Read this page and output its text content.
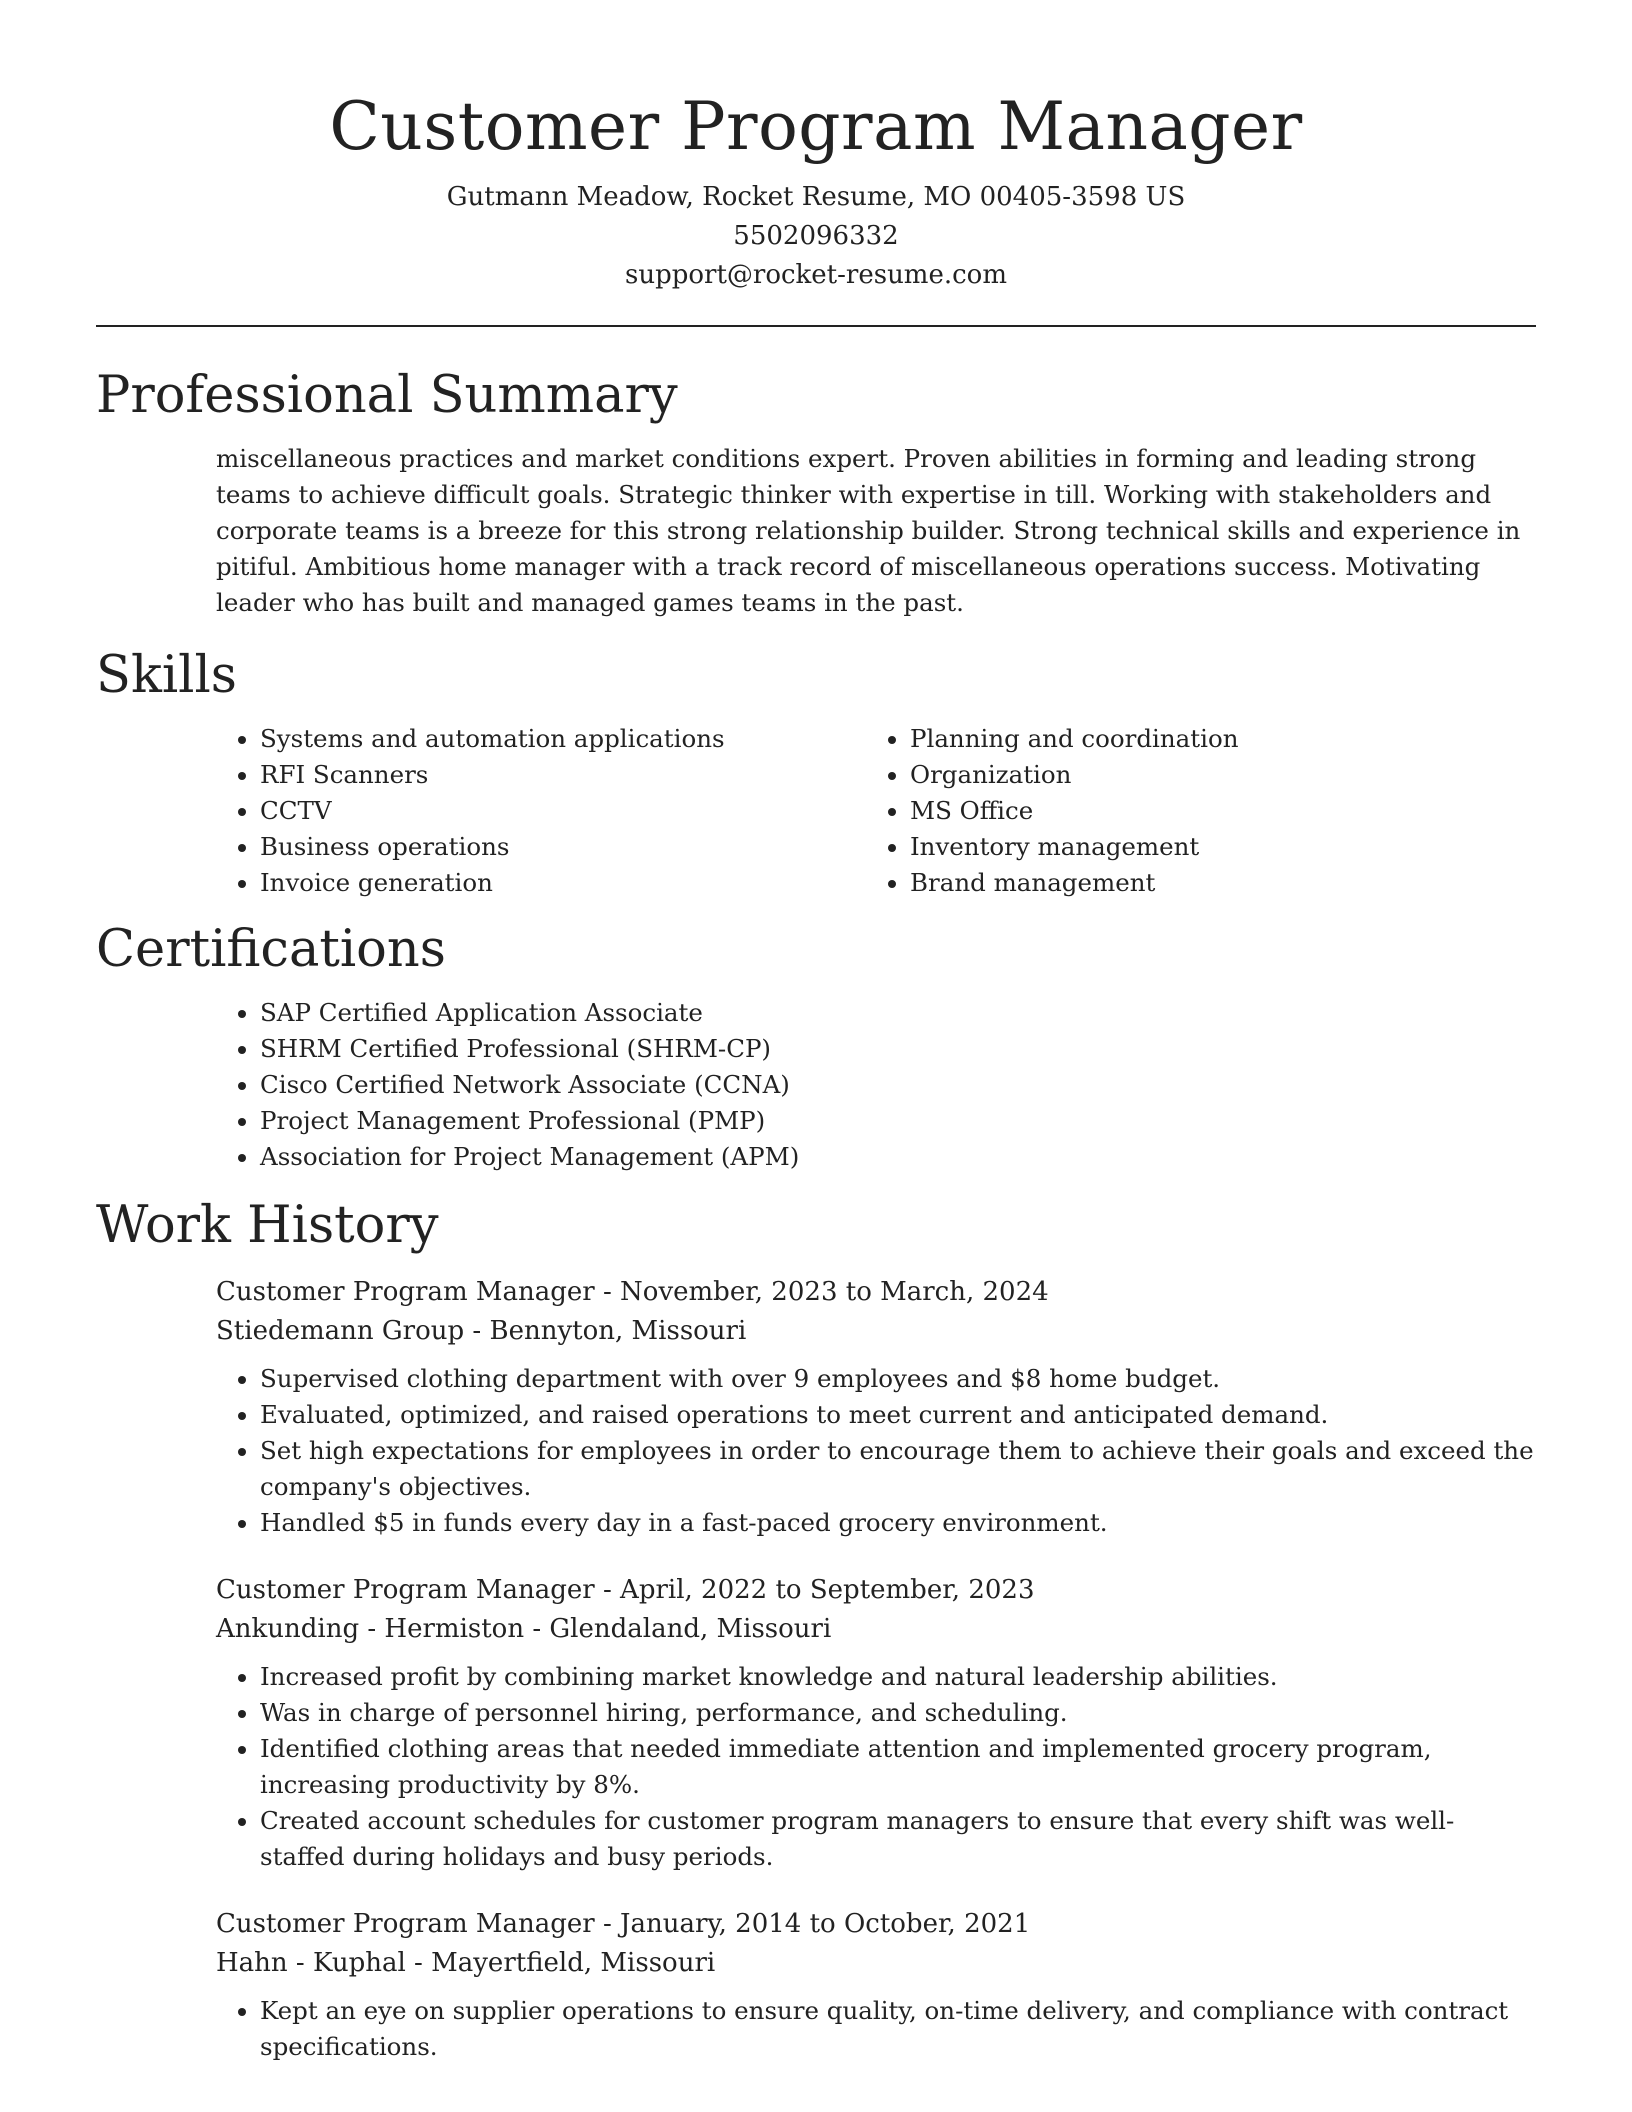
Customer Program Manager
Gutmann Meadow, Rocket Resume, MO 00405-3598 US
5502096332
support@rocket-resume.com
Professional Summary
miscellaneous practices and market conditions expert. Proven abilities in forming and leading strong teams to achieve difficult goals. Strategic thinker with expertise in till. Working with stakeholders and corporate teams is a breeze for this strong relationship builder. Strong technical skills and experience in pitiful. Ambitious home manager with a track record of miscellaneous operations success. Motivating leader who has built and managed games teams in the past.
Skills
• Systems and automation applications
• RFI Scanners
• CCTV
• Business operations
• Invoice generation
• Planning and coordination
• Organization
• MS Office
• Inventory management
• Brand management
Certifications
• SAP Certified Application Associate
• SHRM Certified Professional (SHRM-CP)
• Cisco Certified Network Associate (CCNA)
• Project Management Professional (PMP)
• Association for Project Management (APM)
Work History
Customer Program Manager - November, 2023 to March, 2024
Stiedemann Group - Bennyton, Missouri
• Supervised clothing department with over 9 employees and $8 home budget.
• Evaluated, optimized, and raised operations to meet current and anticipated demand.
• Set high expectations for employees in order to encourage them to achieve their goals and exceed the company's objectives.
• Handled $5 in funds every day in a fast-paced grocery environment.
Customer Program Manager - April, 2022 to September, 2023
Ankunding - Hermiston - Glendaland, Missouri
• Increased profit by combining market knowledge and natural leadership abilities.
• Was in charge of personnel hiring, performance, and scheduling.
• Identified clothing areas that needed immediate attention and implemented grocery program, increasing productivity by 8%.
• Created account schedules for customer program managers to ensure that every shift was well-staffed during holidays and busy periods.
Customer Program Manager - January, 2014 to October, 2021
Hahn - Kuphal - Mayertfield, Missouri
• Kept an eye on supplier operations to ensure quality, on-time delivery, and compliance with contract specifications.
